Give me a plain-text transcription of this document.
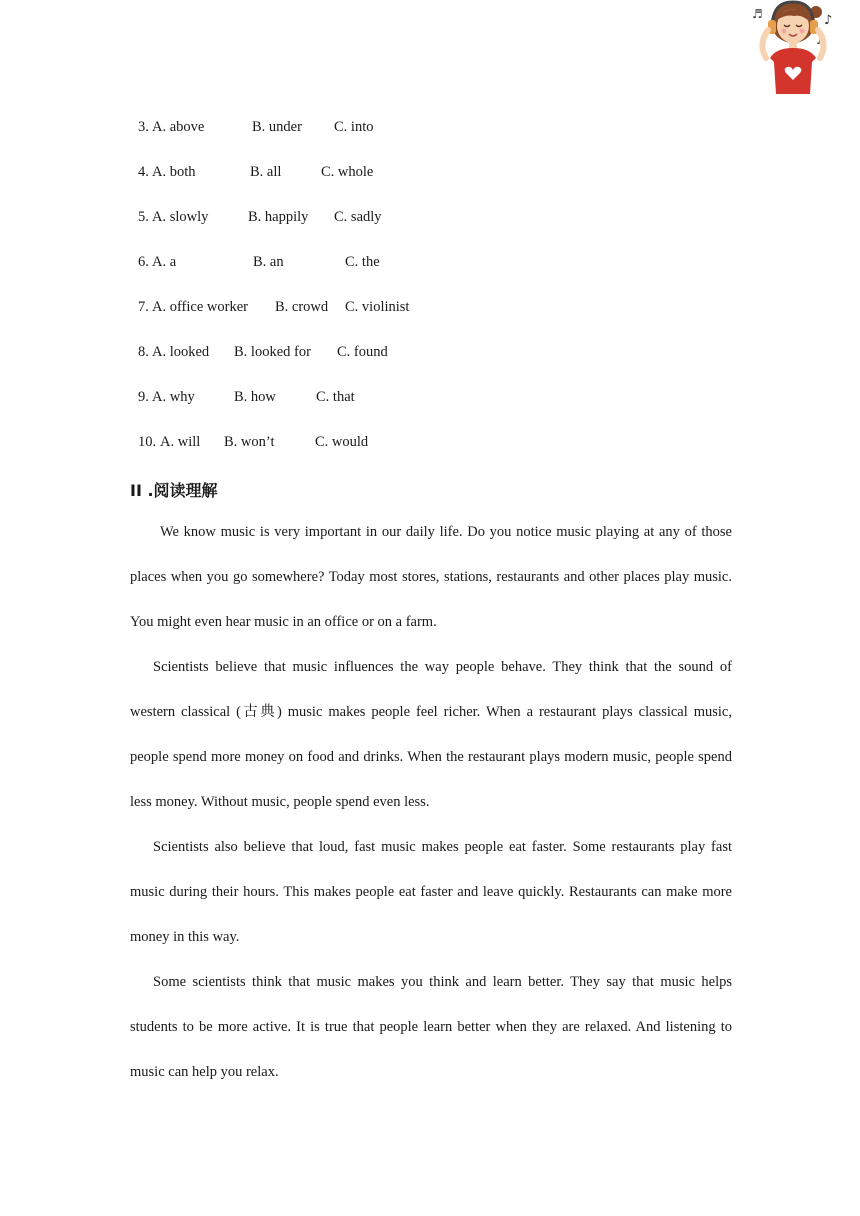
♬	♪
♬

3.

A. above

	B. under

C. into

4.

A. both

	B. all

	C. whole

5.

A. slowly

	B. happily

C. sadly

6.

A. a

	B. an

	C. the

7.

A. office worker

B. crowd

C. violinist

8.

A. looked

B. looked for

C. found

9.

A. why

	B. how

	C. that

10.

A. will

B. won’t

	C. would

II .阅读理解

We know music is very important in our daily life. Do you notice music playing at any of those places when you go somewhere? Today most stores, stations, restaurants and other places play music. You might even hear music in an office or on a farm.

Scientists believe that music influences the way people behave. They think that the sound of western classical (古典) music makes people feel richer. When a restaurant plays classical music, people spend more money on food and drinks. When the restaurant plays modern music, people spend less money. Without music, people spend even less.

Scientists also believe that loud, fast music makes people eat faster. Some restaurants play fast music during their hours. This makes people eat faster and leave quickly. Restaurants can make more money in this way.

Some scientists think that music makes you think and learn better. They say that music helps students to be more active. It is true that people learn better when they are relaxed. And listening to music can help you relax.
